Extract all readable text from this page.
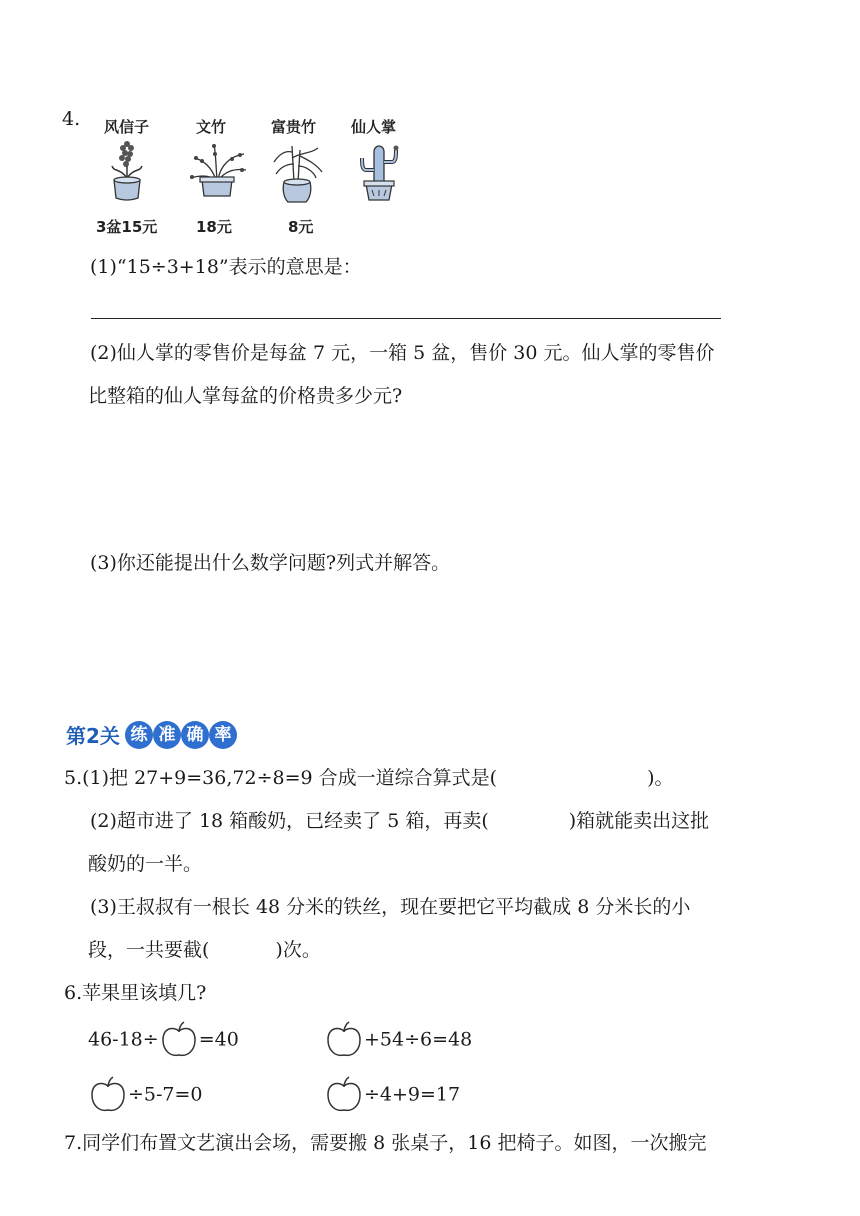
4. 风信子	文竹	富贵竹 仙人掌
3盆15元	18元	8元
(1)“15÷3+18”表示的意思是：
(2)仙人掌的零售价是每盆 7 元，一箱 5 盆，售价 30 元。仙人掌的零售价
比整箱的仙人掌每盆的价格贵多少元?
(3)你还能提出什么数学问题?列式并解答。
第2关 练 准 确 率
5.(1)把 27+9=36,72÷8=9 合成一道综合算式是(	)。
(2)超市进了 18 箱酸奶，已经卖了 5 箱，再卖(	)箱就能卖出这批
酸奶的一半。
(3)王叔叔有一根长 48 分米的铁丝，现在要把它平均截成 8 分米长的小
段，一共要截(	)次。
6.苹果里该填几?
46-18÷ =40	+54÷6=48
÷5-7=0	÷4+9=17
7.同学们布置文艺演出会场，需要搬 8 张桌子，16 把椅子。如图，一次搬完
